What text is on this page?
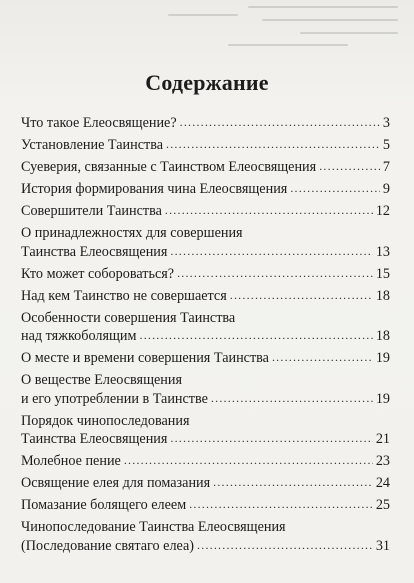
Содержание
Что такое Елеосвящение? .....	3
Установление Таинства .....	5
Суеверия, связанные с Таинством Елеосвящения .....	7
История формирования чина Елеосвящения .....	9
Совершители Таинства .....	12
О принадлежностях для совершения
Таинства Елеосвящения .....	13
Кто может собороваться? .....	15
Над кем Таинство не совершается .....	18
Особенности совершения Таинства
над тяжкоболящим .....	18
О месте и времени совершения Таинства .....	19
О веществе Елеосвящения
и его употреблении в Таинстве .....	19
Порядок чинопоследования
Таинства Елеосвящения .....	21
Молебное пение .....	23
Освящение елея для помазания .....	24
Помазание болящего елеем .....	25
Чинопоследование Таинства Елеосвящения
(Последование святаго елеа) .....	31
